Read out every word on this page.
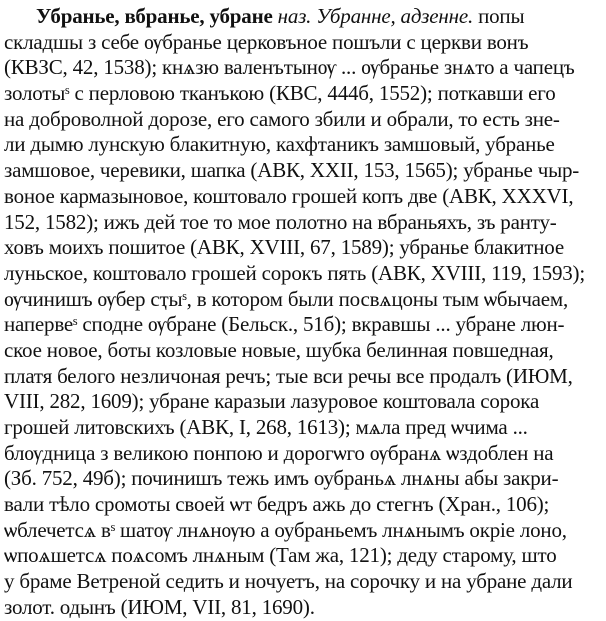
Убранье, вбранье, убране наз. Убранне, адзенне. попы
складшы з себе ѹбранье церковъное пошъли с церкви вонъ
(КВЗС, 42, 1538); кнѧзю валенътынѹ ... ѹбранье знѧто а чапецъ
золотыˢ с перловою тканъкою (КВС, 444б, 1552); поткавши его
на доброволной дорозе, его самого збили и обрали, то есть зне-
ли дымю лунскую блакитную, кахфтаникъ замшовый, убранье
замшовое, черевики, шапка (АВК, XXII, 153, 1565); убранье чыр-
воное кармазыновое, коштовало грошей копъ две (АВК, XXXVI,
152, 1582); ижъ дей тое то мое полотно на вбраньяхъ, зъ ранту-
ховъ моихъ пошитое (АВК, XVIII, 67, 1589); убранье блакитное
луньское, коштовало грошей сорокъ пять (АВК, XVIII, 119, 1593);
ѹчинишъ ѹбер сҭыˢ, в котором были посвѧцоны тым ѡбычаем,
напервеˢ сподне ѹбране (Бельск., 51б); вкравшы ... убране люн-
ское новое, боты козловые новые, шубка белинная повшедная,
платя белого незличоная речъ; тые вси речы все продалъ (ИЮМ,
VIII, 282, 1609); убране каразыи лазуровое коштовала сорока
грошей литовскихъ (АВК, I, 268, 1613); мѧла пред ѡчима ...
блѹдница з великою понпою и дорогѡго ѹбранѧ ѡздоблен на
(Зб. 752, 49б); починишъ тежь имъ оубраньѧ лнѧны абы закри-
вали тѣло сромоты своей ѡт бедръ ажь до стегнъ (Хран., 106);
ѡблечетсѧ вˢ шатѹ лнѧнѹю а оубраньемъ лнѧнымъ окріе лоно,
ѡпоѧшетсѧ поѧсомъ лнѧным (Там жа, 121); деду старому, што
у браме Ветреной седить и ночуетъ, на сорочку и на убране дали
золот. одынъ (ИЮМ, VII, 81, 1690).
